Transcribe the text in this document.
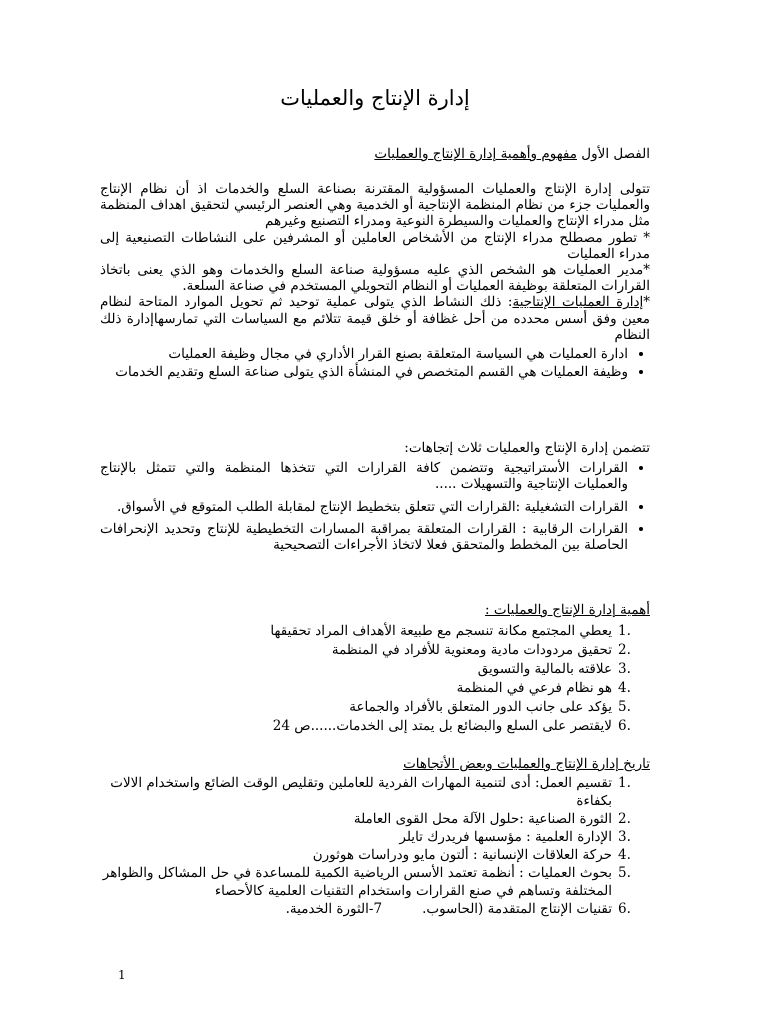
إدارة الإنتاج والعمليات
الفصل الأول مفهوم وأهمية إدارة الإنتاج والعمليات

تتولى إدارة الإنتاج والعمليات المسؤولية المقترنة بصناعة السلع والخدمات اذ أن نظام الإنتاج والعمليات جزء من نظام المنظمة الإنتاجية أو الخدمية وهي العنصر الرئيسي لتحقيق اهداف المنظمة مثل مدراء الإنتاج والعمليات والسيطرة النوعية ومدراء التصنيع وغيرهم

* تطور مصطلح مدراء الإنتاج من الأشخاص العاملين أو المشرفين على النشاطات التصنيعية إلى مدراء العمليات

*مدير العمليات هو الشخص الذي عليه مسؤولية صناعة السلع والخدمات وهو الذي يعنى باتخاذ القرارات المتعلقة بوظيفة العمليات أو النظام التحويلي المستخدم في صناعة السلعة.

*إدارة العمليات الإنتاجية: ذلك النشاط الذي يتولى عملية توحيد ثم تحويل الموارد المتاحة لنظام معين وفق أسس محدده من أحل غظافة أو خلق قيمة تتلائم مع السياسات التي تمارسهاإدارة ذلك النظام

• ادارة العمليات هي السياسة المتعلقة بصنع القرار الأداري في مجال وظيفة العمليات
• وظيفة العمليات هي القسم المتخصص في المنشأة الذي يتولى صناعة السلع وتقديم الخدمات

تتضمن إدارة الإنتاج والعمليات ثلاث إتجاهات:

• القرارات الأستراتيجية وتتضمن كافة القرارات التي تتخذها المنظمة والتي تتمثل بالإنتاج والعمليات الإنتاجية والتسهيلات .....
• القرارات التشغيلية :القرارات التي تتعلق بتخطيط الإنتاج لمقابلة الطلب المتوقع في الأسواق.
• القرارات الرقابية : القرارات المتعلقة بمراقبة المسارات التخطيطية للإنتاج وتحديد الإنحرافات الحاصلة بين المخطط والمتحقق فعلا لاتخاذ الأجراءات التصحيحية
أهمية إدارة الإنتاج والعمليات :
1.
يعطي المجتمع مكانة تنسجم مع طبيعة الأهداف المراد تحقيقها
2.
تحقيق مردودات مادية ومعنوية للأفراد في المنظمة
3.
علاقته بالمالية والتسويق
4.
هو نظام فرعي في المنظمة
5.
يؤكد على جانب الدور المتعلق بالأفراد والجماعة
6.
لايقتصر على السلع والبضائع بل يمتد إلى الخدمات......ص 24
تاريخ إدارة الإنتاج والعمليات وبعض الأتجاهات
1.
تقسيم العمل: أدى لتنمية المهارات الفردية للعاملين وتقليص الوقت الضائع واستخدام الالات بكفاءة
2.
الثورة الصناعية :حلول الآلة محل القوى العاملة
3.
الإدارة العلمية : مؤسسها فريدرك تايلر
4.
حركة العلاقات الإنسانية : ألتون مايو ودراسات هوثورن
5.
بحوث العمليات : أنظمة تعتمد الأسس الرياضية الكمية للمساعدة في حل المشاكل والظواهر المختلفة وتساهم في صنع القرارات واستخدام التقنيات العلمية كالأحصاء
6.
تقنيات الإنتاج المتقدمة (الحاسوب.7-الثورة الخدمية.
1
